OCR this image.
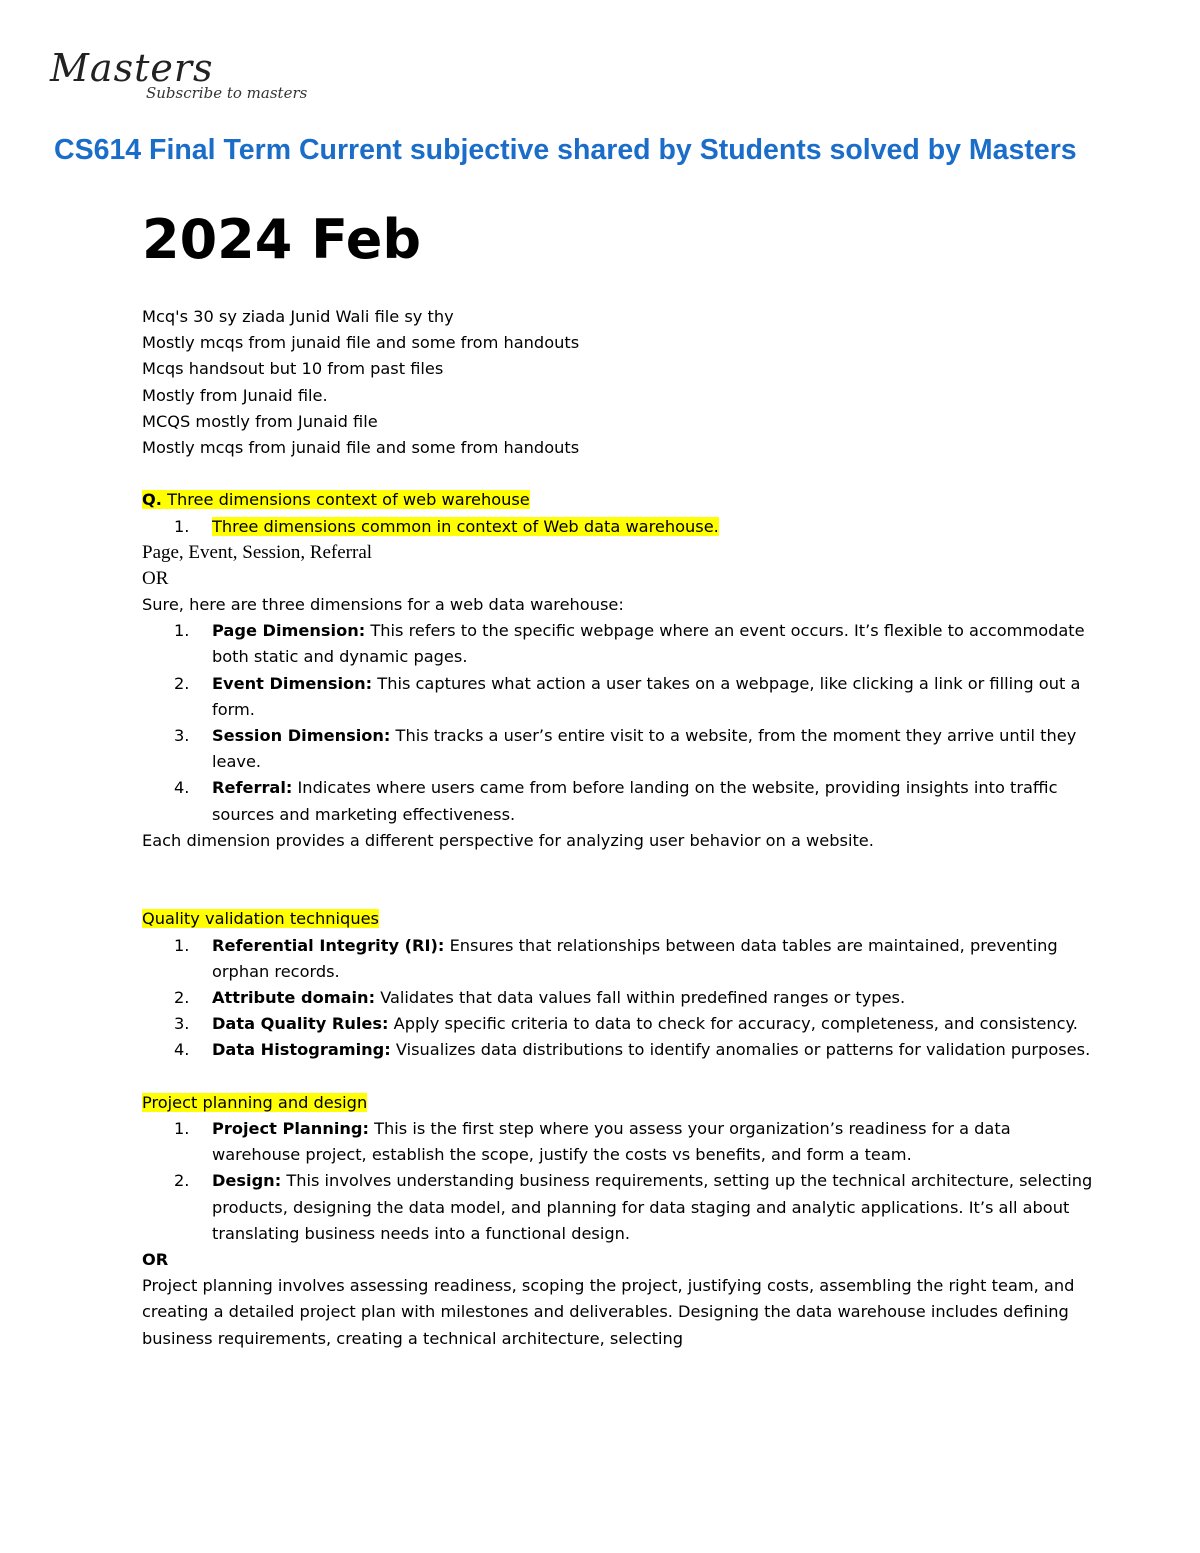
Masters
Subscribe to masters
CS614 Final Term Current subjective shared by Students solved by Masters
2024 Feb
Mcq's 30 sy ziada Junid Wali file sy thy
Mostly mcqs from junaid file and some from handouts
Mcqs handsout but 10 from past files
Mostly from Junaid file.
MCQS mostly from Junaid file
Mostly mcqs from junaid file and some from handouts
Q. Three dimensions context of web warehouse
1. Three dimensions common in context of Web data warehouse.
Page, Event, Session, Referral
OR
Sure, here are three dimensions for a web data warehouse:
1. Page Dimension: This refers to the specific webpage where an event occurs. It’s flexible to accommodate both static and dynamic pages.
2. Event Dimension: This captures what action a user takes on a webpage, like clicking a link or filling out a form.
3. Session Dimension: This tracks a user’s entire visit to a website, from the moment they arrive until they leave.
4. Referral: Indicates where users came from before landing on the website, providing insights into traffic sources and marketing effectiveness.
Each dimension provides a different perspective for analyzing user behavior on a website.
Quality validation techniques
1. Referential Integrity (RI): Ensures that relationships between data tables are maintained, preventing orphan records.
2. Attribute domain: Validates that data values fall within predefined ranges or types.
3. Data Quality Rules: Apply specific criteria to data to check for accuracy, completeness, and consistency.
4. Data Histograming: Visualizes data distributions to identify anomalies or patterns for validation purposes.
Project planning and design
1. Project Planning: This is the first step where you assess your organization’s readiness for a data warehouse project, establish the scope, justify the costs vs benefits, and form a team.
2. Design: This involves understanding business requirements, setting up the technical architecture, selecting products, designing the data model, and planning for data staging and analytic applications. It’s all about translating business needs into a functional design.
OR
Project planning involves assessing readiness, scoping the project, justifying costs, assembling the right team, and creating a detailed project plan with milestones and deliverables. Designing the data warehouse includes defining business requirements, creating a technical architecture, selecting
